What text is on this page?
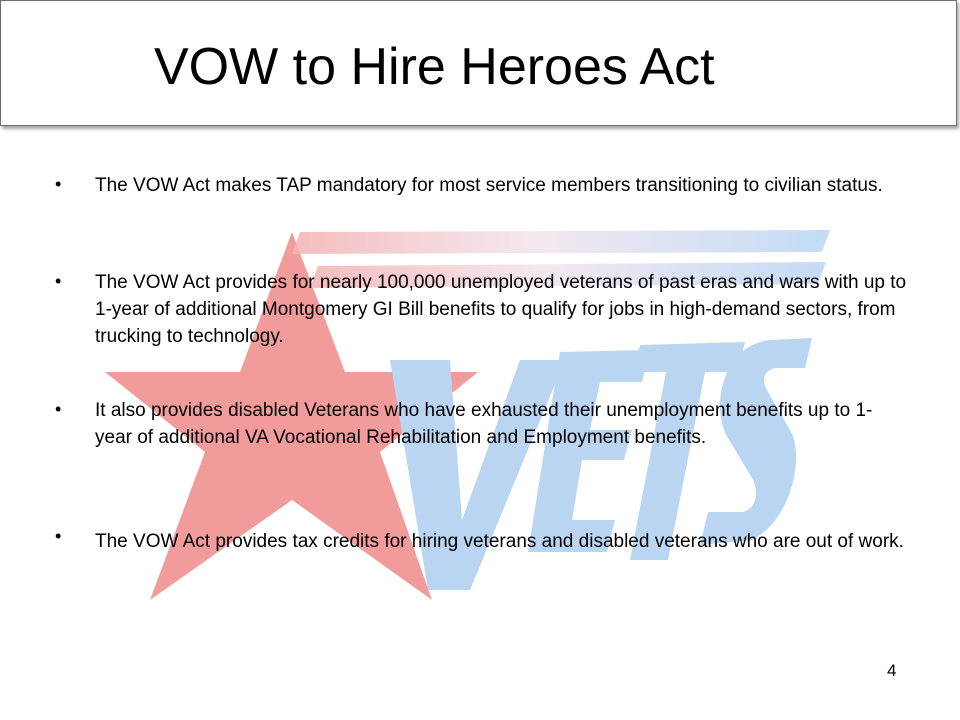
VOW to Hire Heroes Act
• The VOW Act makes TAP mandatory for most service members transitioning to civilian status.
• The VOW Act provides for nearly 100,000 unemployed veterans of past eras and wars with up to 1-year of additional Montgomery GI Bill benefits to qualify for jobs in high-demand sectors, from trucking to technology.
• It also provides disabled Veterans who have exhausted their unemployment benefits up to 1-year of additional VA Vocational Rehabilitation and Employment benefits.
• The VOW Act provides tax credits for hiring veterans and disabled veterans who are out of work.
4
